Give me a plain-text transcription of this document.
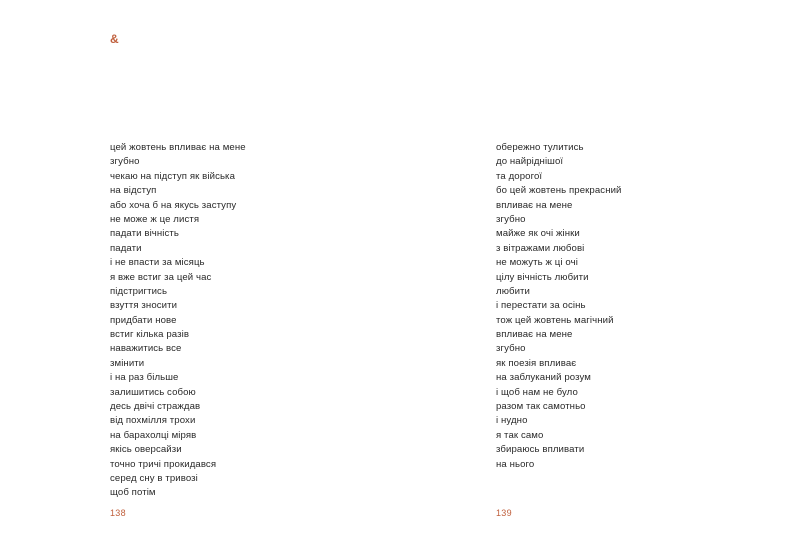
&
цей жовтень впливає на мене
згубно
чекаю на підступ як війська
на відступ
або хоча б на якусь заступу
не може ж це листя
падати вічність
падати
і не впасти за місяць
я вже встиг за цей час
підстригтись
взуття зносити
придбати нове
встиг кілька разів
наважитись все
змінити
і на раз більше
залишитись собою
десь двічі страждав
від похмілля трохи
на барахолці міряв
якісь оверсайзи
точно тричі прокидався
серед сну в тривозі
щоб потім
138
обережно тулитись
до найріднішої
та дорогої
бо цей жовтень прекрасний
впливає на мене
згубно
майже як очі жінки
з вітражами любові
не можуть ж ці очі
цілу вічність любити
любити
і перестати за осінь
тож цей жовтень магічний
впливає на мене
згубно
як поезія впливає
на заблуканий розум
і щоб нам не було
разом так самотньо
і нудно
я так само
збираюсь впливати
на нього
139
